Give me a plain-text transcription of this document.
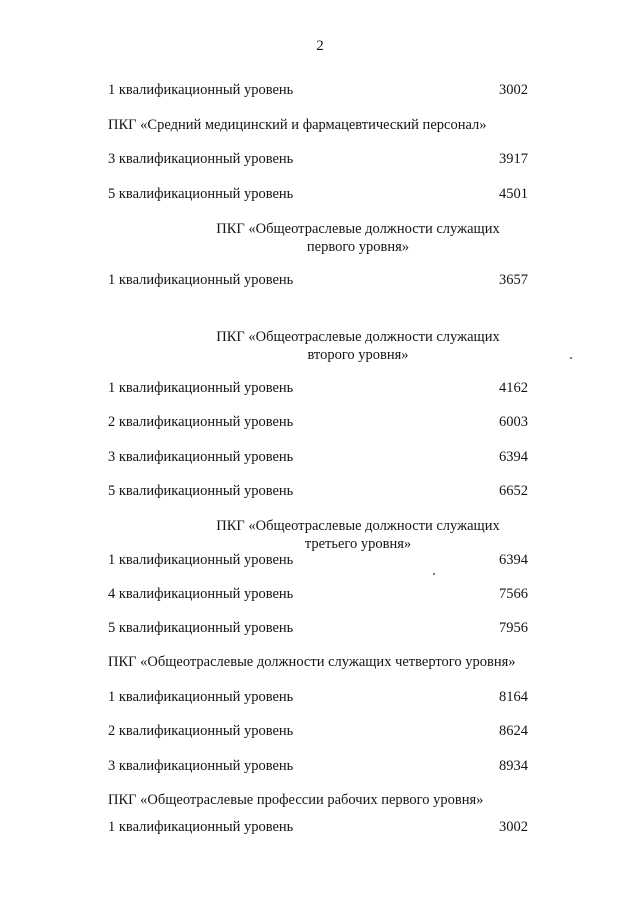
2
1 квалификационный уровень	3002
ПКГ «Средний медицинский и фармацевтический персонал»
3 квалификационный уровень	3917
5 квалификационный уровень	4501
ПКГ «Общеотраслевые должности служащих
первого уровня»
1 квалификационный уровень	3657
ПКГ «Общеотраслевые должности служащих
второго уровня»
1 квалификационный уровень	4162
2 квалификационный уровень	6003
3 квалификационный уровень	6394
5 квалификационный уровень	6652
ПКГ «Общеотраслевые должности служащих
третьего уровня»
1 квалификационный уровень	6394
4 квалификационный уровень	7566
5 квалификационный уровень	7956
ПКГ «Общеотраслевые должности служащих четвертого уровня»
1 квалификационный уровень	8164
2 квалификационный уровень	8624
3 квалификационный уровень	8934
ПКГ «Общеотраслевые профессии рабочих первого уровня»
1 квалификационный уровень	3002
